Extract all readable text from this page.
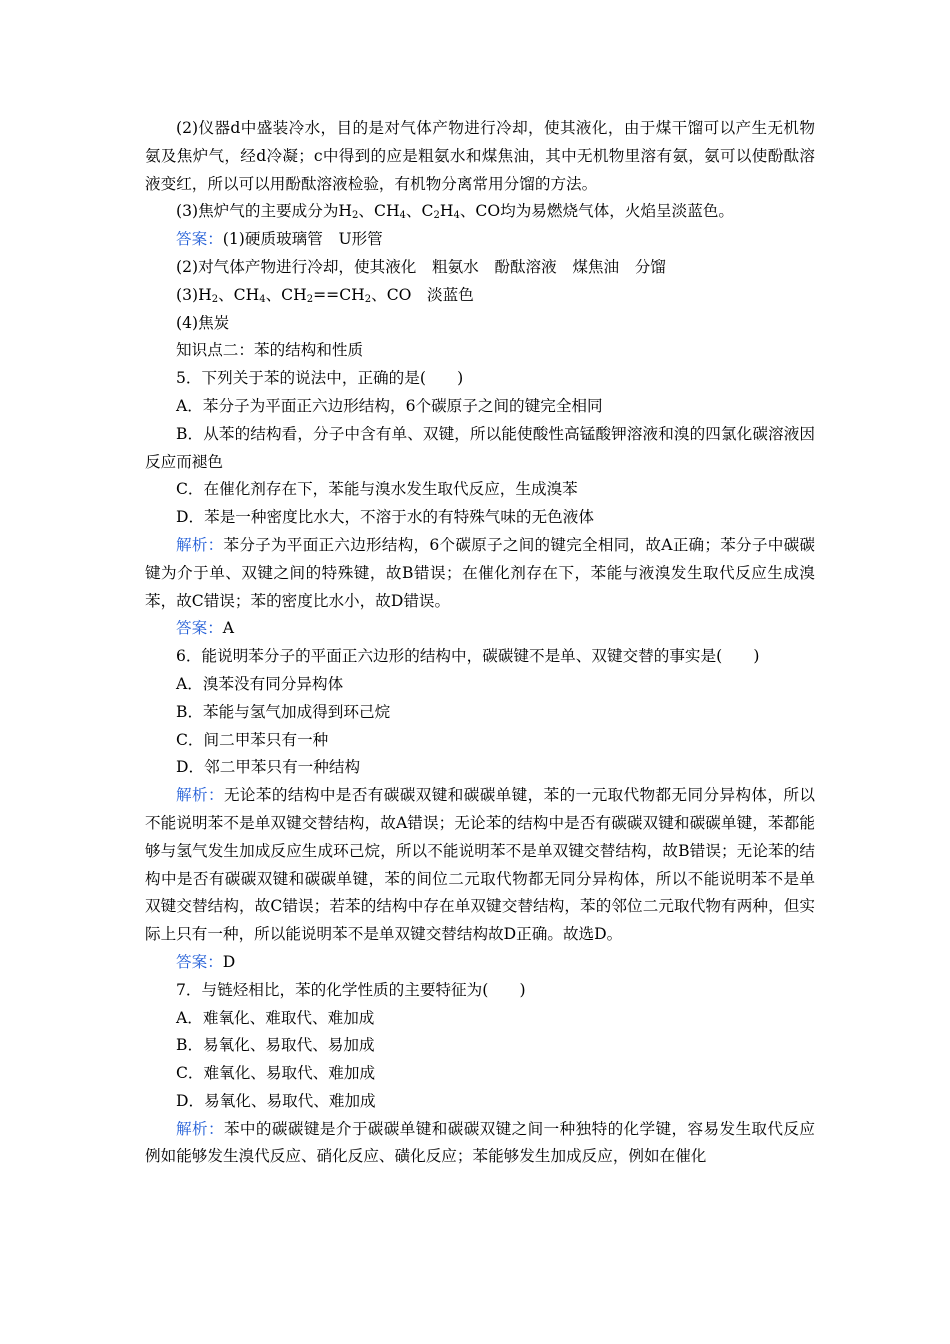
(2)仪器d中盛装冷水，目的是对气体产物进行冷却，使其液化，由于煤干馏可以产生无机物氨及焦炉气，经d冷凝；c中得到的应是粗氨水和煤焦油，其中无机物里溶有氨，氨可以使酚酞溶液变红，所以可以用酚酞溶液检验，有机物分离常用分馏的方法。

(3)焦炉气的主要成分为$H_2$、$CH_4$、$C_2H_4$、CO均为易燃烧气体，火焰呈淡蓝色。

答案：(1)硬质玻璃管　U形管

(2)对气体产物进行冷却，使其液化　粗氨水　酚酞溶液　煤焦油　分馏

$(3)H_2$、$CH_4$、$CH_2==CH_2$、CO　淡蓝色

(4)焦炭

知识点二：苯的结构和性质

5．下列关于苯的说法中，正确的是(　　)

A．苯分子为平面正六边形结构，6个碳原子之间的键完全相同

B．从苯的结构看，分子中含有单、双键，所以能使酸性高锰酸钾溶液和溴的四氯化碳溶液因反应而褪色

C．在催化剂存在下，苯能与溴水发生取代反应，生成溴苯

D．苯是一种密度比水大，不溶于水的有特殊气味的无色液体

解析：苯分子为平面正六边形结构，6个碳原子之间的键完全相同，故A正确；苯分子中碳碳键为介于单、双键之间的特殊键，故B错误；在催化剂存在下，苯能与液溴发生取代反应生成溴苯，故C错误；苯的密度比水小，故D错误。

答案：A

6．能说明苯分子的平面正六边形的结构中，碳碳键不是单、双键交替的事实是(　　)

A．溴苯没有同分异构体

B．苯能与氢气加成得到环己烷

C．间二甲苯只有一种

D．邻二甲苯只有一种结构

解析：无论苯的结构中是否有碳碳双键和碳碳单键，苯的一元取代物都无同分异构体，所以不能说明苯不是单双键交替结构，故A错误；无论苯的结构中是否有碳碳双键和碳碳单键，苯都能够与氢气发生加成反应生成环己烷，所以不能说明苯不是单双键交替结构，故B错误；无论苯的结构中是否有碳碳双键和碳碳单键，苯的间位二元取代物都无同分异构体，所以不能说明苯不是单双键交替结构，故C错误；若苯的结构中存在单双键交替结构，苯的邻位二元取代物有两种，但实际上只有一种，所以能说明苯不是单双键交替结构故D正确。故选D。

答案：D

7．与链烃相比，苯的化学性质的主要特征为(　　)

A．难氧化、难取代、难加成

B．易氧化、易取代、易加成

C．难氧化、易取代、难加成

D．易氧化、易取代、难加成

解析：苯中的碳碳键是介于碳碳单键和碳碳双键之间一种独特的化学键，容易发生取代反应例如能够发生溴代反应、硝化反应、磺化反应；苯能够发生加成反应，例如在催化
